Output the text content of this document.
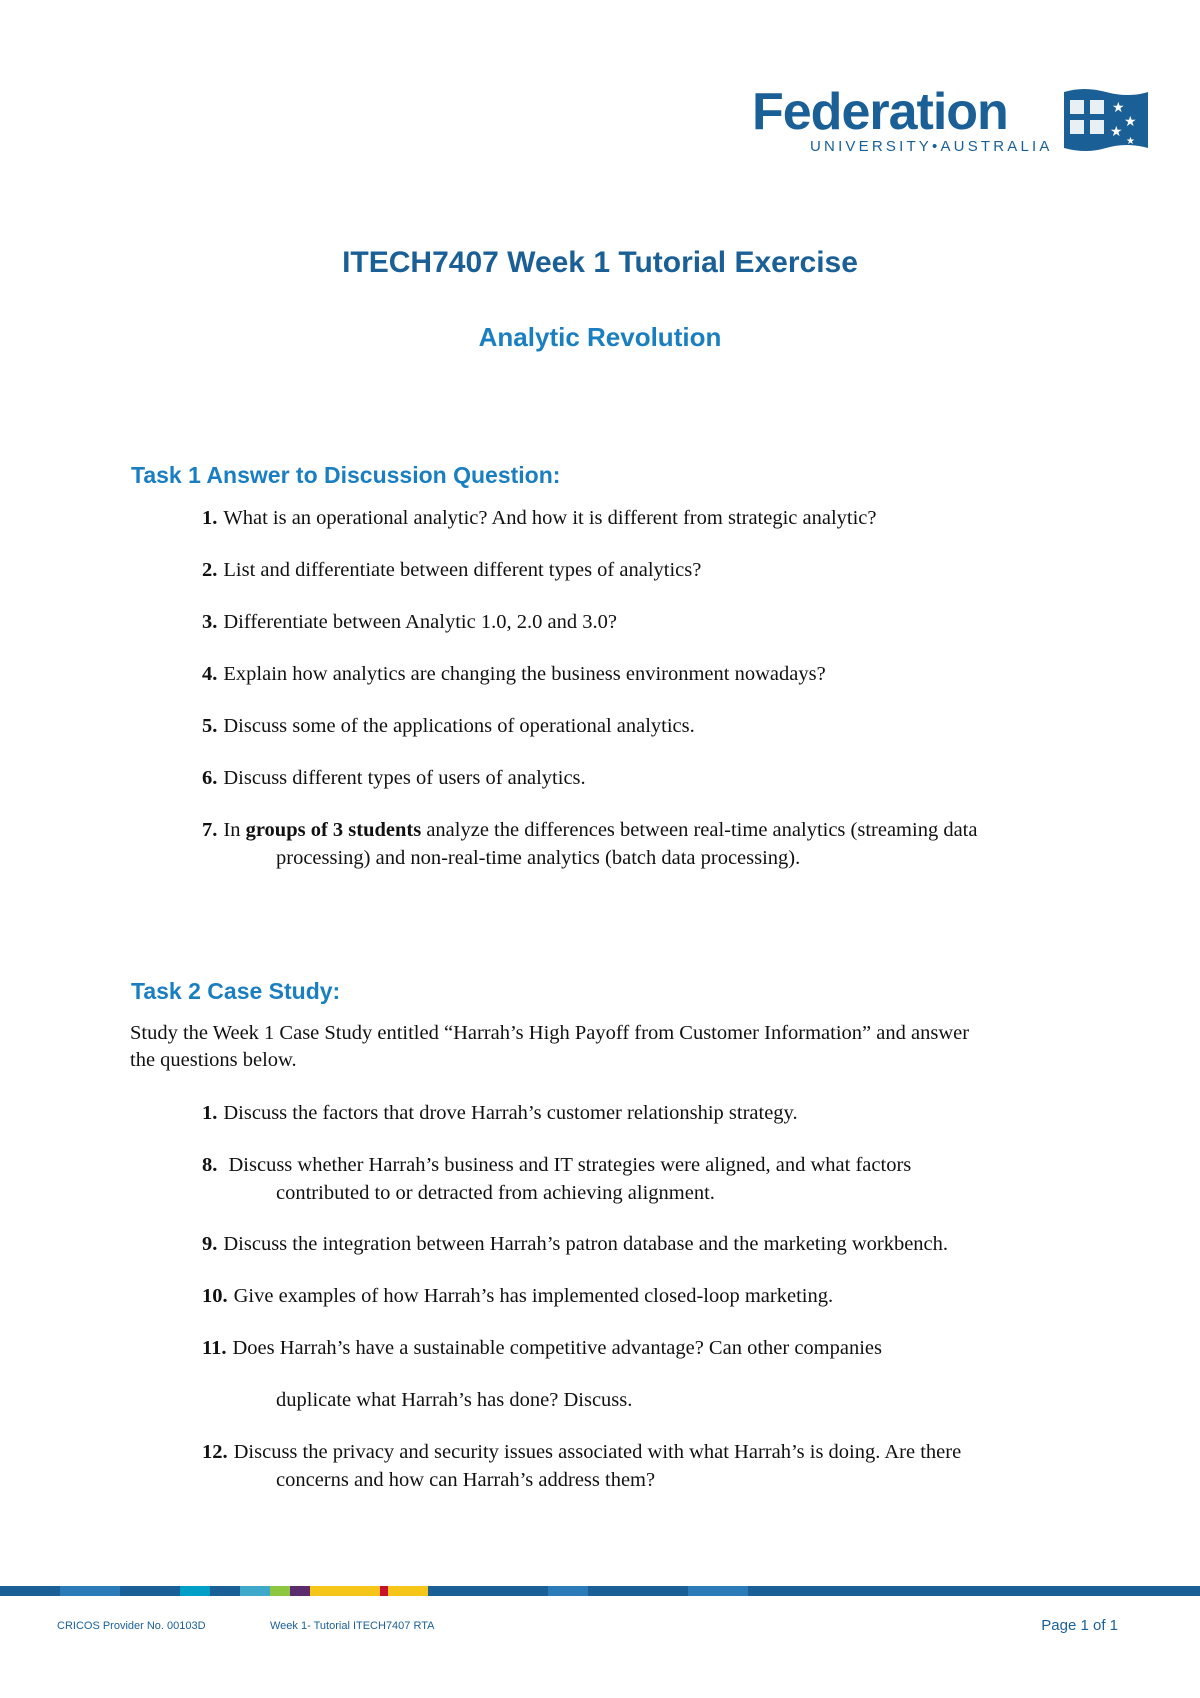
Federation
UNIVERSITY•AUSTRALIA
★
★
★
★
ITECH7407 Week 1 Tutorial Exercise
Analytic Revolution
Task 1 Answer to Discussion Question:

1. What is an operational analytic? And how it is different from strategic analytic?

2. List and differentiate between different types of analytics?

3. Differentiate between Analytic 1.0, 2.0 and 3.0?

4. Explain how analytics are changing the business environment nowadays?

5. Discuss some of the applications of operational analytics.

6. Discuss different types of users of analytics.

7. In groups of 3 students analyze the differences between real-time analytics (streaming data
processing) and non-real-time analytics (batch data processing).

Task 2 Case Study:

Study the Week 1 Case Study entitled “Harrah’s High Payoff from Customer Information” and answer
the questions below.

1. Discuss the factors that drove Harrah’s customer relationship strategy.

8. Discuss whether Harrah’s business and IT strategies were aligned, and what factors
contributed to or detracted from achieving alignment.

9. Discuss the integration between Harrah’s patron database and the marketing workbench.

10. Give examples of how Harrah’s has implemented closed-loop marketing.

11. Does Harrah’s have a sustainable competitive advantage? Can other companies

duplicate what Harrah’s has done? Discuss.

12. Discuss the privacy and security issues associated with what Harrah’s is doing. Are there
concerns and how can Harrah’s address them?

CRICOS Provider No. 00103D	Week 1- Tutorial ITECH7407 RTA	Page 1 of 1
